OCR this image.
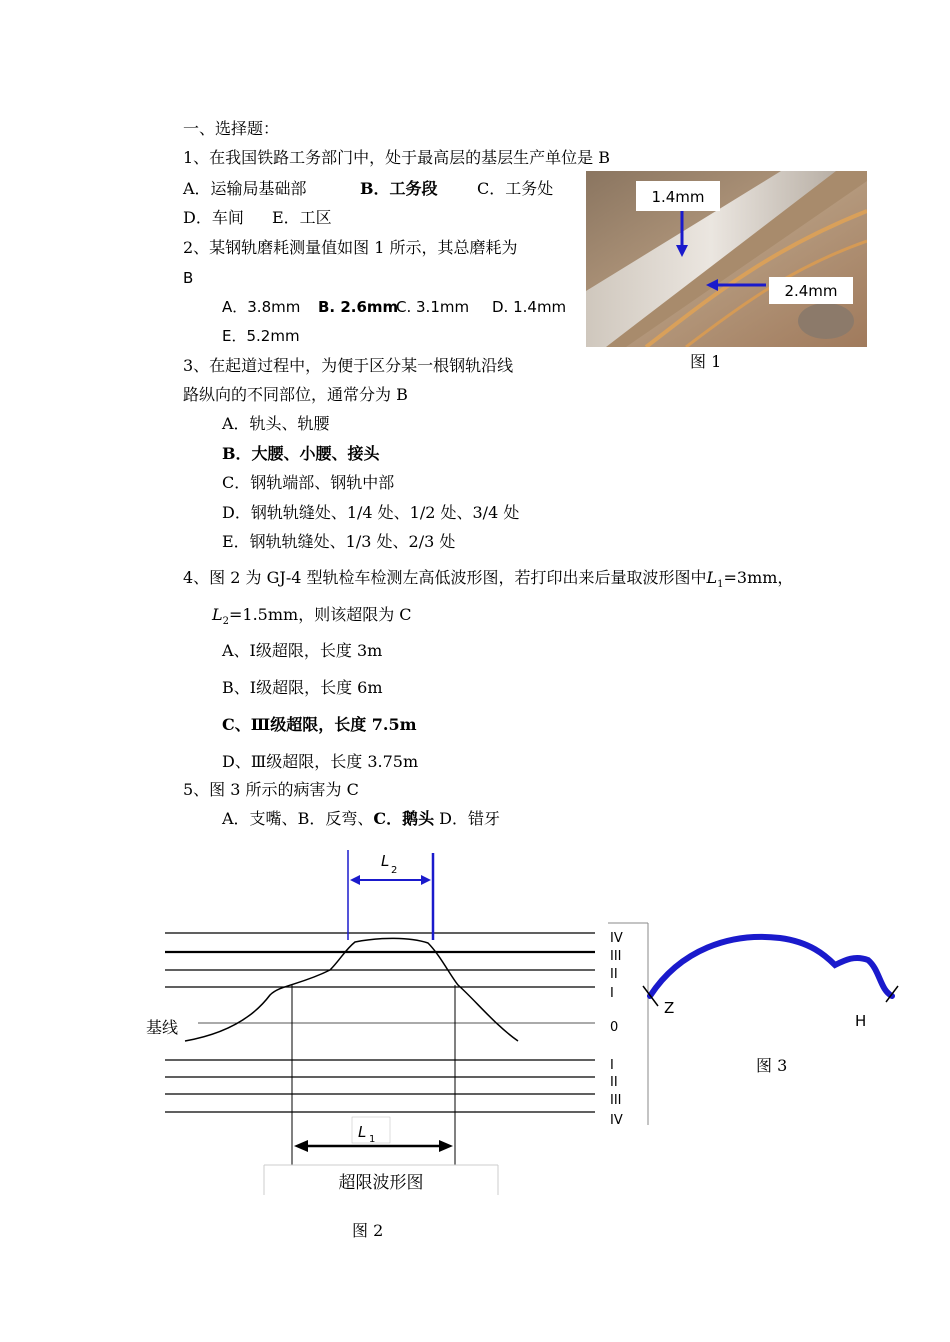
一、选择题：
1、在我国铁路工务部门中，处于最高层的基层生产单位是 B
A．运输局基础部	B．工务段 C．工务处
D．车间 E．工区
2、某钢轨磨耗测量值如图 1 所示，其总磨耗为
B
A．3.8mm B. 2.6mm
C. 3.1mm D. 1.4mm
E．5.2mm
3、在起道过程中，为便于区分某一根钢轨沿线
路纵向的不同部位，通常分为 B
A．轨头、轨腰
B．大腰、小腰、接头
C．钢轨端部、钢轨中部
D．钢轨轨缝处、1/4 处、1/2 处、3/4 处
E．钢轨轨缝处、1/3 处、2/3 处
4、图 2 为 GJ-4 型轨检车检测左高低波形图，若打印出来后量取波形图中$L_1=3mm$，
$L_2=1.5mm$，则该超限为 C
A、Ⅰ级超限，长度 3m
B、Ⅰ级超限，长度 6m
C、Ⅲ级超限，长度 7.5m
D、Ⅲ级超限，长度 3.75m
5、图 3 所示的病害为 C
A．支嘴、B．反弯、C．鹅头 D．错牙
1.4mm
2.4mm
图 1
L 1
L
2
IV
III
II
I
0
I
II
III
IV
基线
超限波形图
图 2
Z
H
图 3
